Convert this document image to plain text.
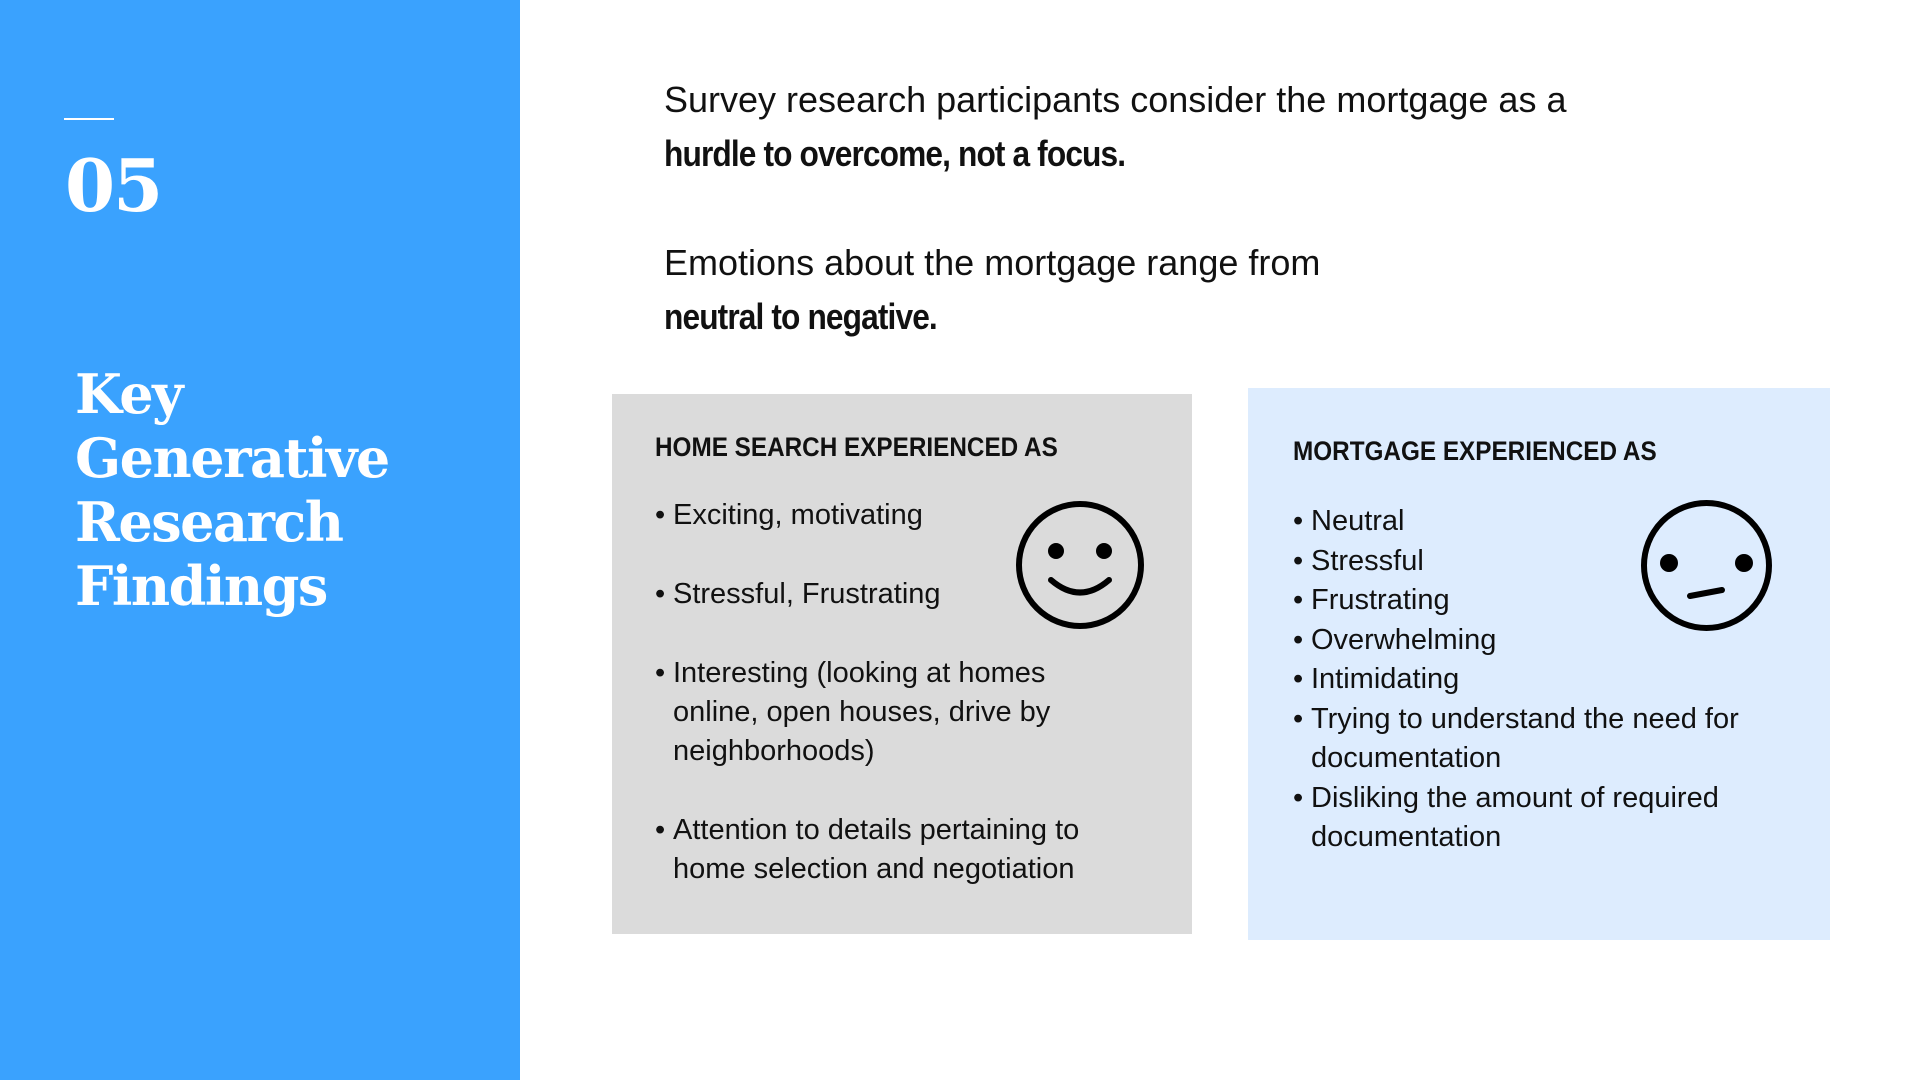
05
Key
Generative
Research
Findings

Survey research participants consider the mortgage as a hurdle to overcome, not a focus.

Emotions about the mortgage range from neutral to negative.

HOME SEARCH EXPERIENCED AS
• Exciting, motivating
• Stressful, Frustrating
• Interesting (looking at homes online, open houses, drive by neighborhoods)
• Attention to details pertaining to home selection and negotiation
MORTGAGE EXPERIENCED AS
• Neutral
• Stressful
• Frustrating
• Overwhelming
• Intimidating
• Trying to understand the need for documentation
• Disliking the amount of required documentation
